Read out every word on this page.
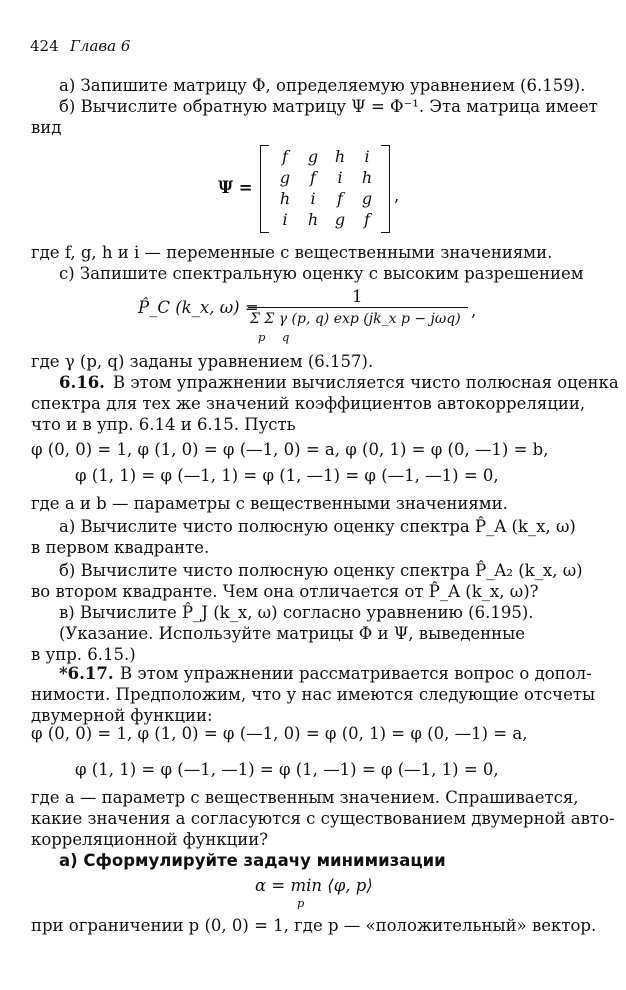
424 Глава 6
а) Запишите матрицу Φ, определяемую уравнением (6.159).
б) Вычислите обратную матрицу Ψ = Φ⁻¹. Эта матрица имеет
вид
Ψ =
f	g	h	i
g	f	i	h
h	i	f	g
i	h	g	f
,
где f, g, h и i — переменные с вещественными значениями.
с) Запишите спектральную оценку с высоким разрешением
P̂_C (k_x, ω) =
1
Σ Σ γ (p, q) exp (jk_x p − jωq)
p q
,
где γ (p, q) заданы уравнением (6.157).
6.16. В этом упражнении вычисляется чисто полюсная оценка
спектра для тех же значений коэффициентов автокорреляции,
что и в упр. 6.14 и 6.15. Пусть
φ (0, 0) = 1, φ (1, 0) = φ (—1, 0) = a, φ (0, 1) = φ (0, —1) = b,
φ (1, 1) = φ (—1, 1) = φ (1, —1) = φ (—1, —1) = 0,
где a и b — параметры с вещественными значениями.
а) Вычислите чисто полюсную оценку спектра P̂_A (k_x, ω)
в первом квадранте.
б) Вычислите чисто полюсную оценку спектра P̂_A₂ (k_x, ω)
во втором квадранте. Чем она отличается от P̂_A (k_x, ω)?
в) Вычислите P̂_J (k_x, ω) согласно уравнению (6.195).
(Указание. Используйте матрицы Φ и Ψ, выведенные
в упр. 6.15.)
*6.17. В этом упражнении рассматривается вопрос о допол-
нимости. Предположим, что у нас имеются следующие отсчеты
двумерной функции:
φ (0, 0) = 1, φ (1, 0) = φ (—1, 0) = φ (0, 1) = φ (0, —1) = a,
φ (1, 1) = φ (—1, —1) = φ (1, —1) = φ (—1, 1) = 0,
где a — параметр с вещественным значением. Спрашивается,
какие значения a согласуются с существованием двумерной авто-
корреляционной функции?
а) Сформулируйте задачу минимизации
α = min ⟨φ, p⟩
p
при ограничении p (0, 0) = 1, где p — «положительный» вектор.
